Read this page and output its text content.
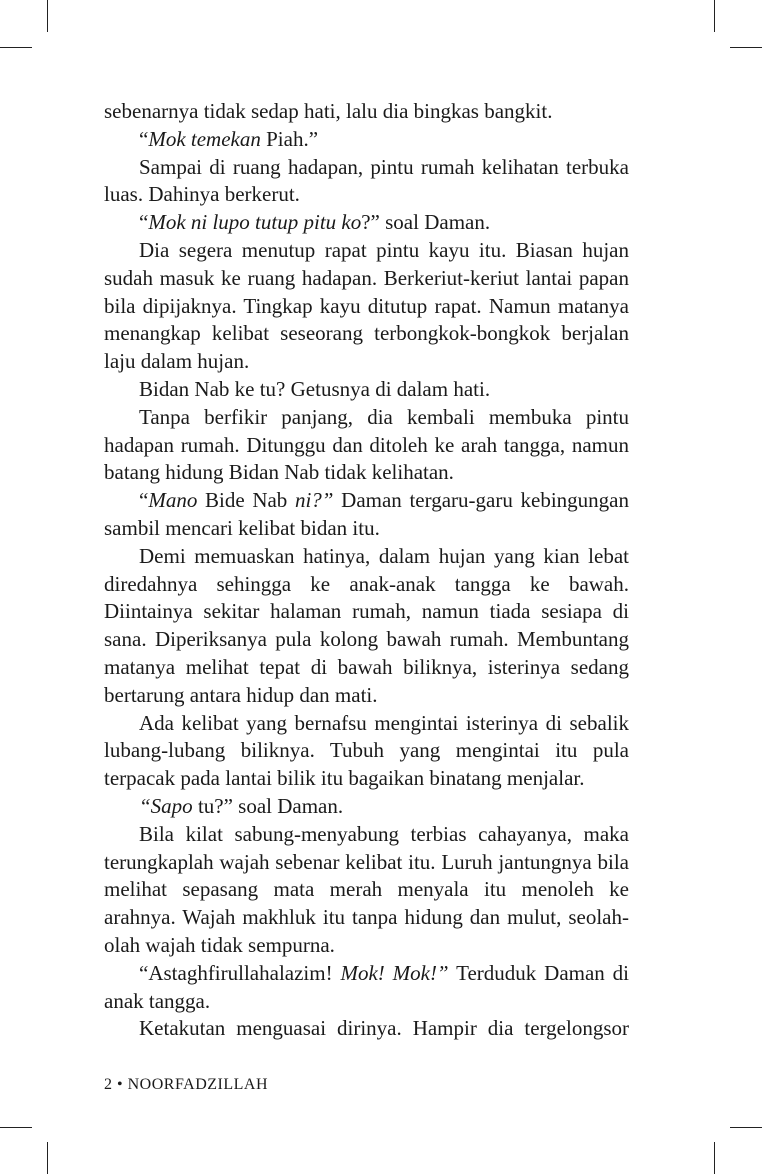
sebenarnya tidak sedap hati, lalu dia bingkas bangkit.

“Mok temekan Piah.”

Sampai di ruang hadapan, pintu rumah kelihatan terbuka luas. Dahinya berkerut.

“Mok ni lupo tutup pitu ko?” soal Daman.

Dia segera menutup rapat pintu kayu itu. Biasan hujan sudah masuk ke ruang hadapan. Berkeriut-keriut lantai papan bila dipijaknya. Tingkap kayu ditutup rapat. Namun matanya menangkap kelibat seseorang terbongkok-bongkok berjalan laju dalam hujan.

Bidan Nab ke tu? Getusnya di dalam hati.

Tanpa berfikir panjang, dia kembali membuka pintu hadapan rumah. Ditunggu dan ditoleh ke arah tangga, namun batang hidung Bidan Nab tidak kelihatan.

“Mano Bide Nab ni?” Daman tergaru-garu kebingungan sambil mencari kelibat bidan itu.

Demi memuaskan hatinya, dalam hujan yang kian lebat diredahnya sehingga ke anak-anak tangga ke bawah. Diintainya sekitar halaman rumah, namun tiada sesiapa di sana. Diperiksanya pula kolong bawah rumah. Membuntang matanya melihat tepat di bawah biliknya, isterinya sedang bertarung antara hidup dan mati.

Ada kelibat yang bernafsu mengintai isterinya di sebalik lubang-lubang biliknya. Tubuh yang mengintai itu pula terpacak pada lantai bilik itu bagaikan binatang menjalar.

“Sapo tu?” soal Daman.

Bila kilat sabung-menyabung terbias cahayanya, maka terungkaplah wajah sebenar kelibat itu. Luruh jantungnya bila melihat sepasang mata merah menyala itu menoleh ke arahnya. Wajah makhluk itu tanpa hidung dan mulut, seolah-olah wajah tidak sempurna.

“Astaghfirullahalazim! Mok! Mok!” Terduduk Daman di anak tangga.

Ketakutan menguasai dirinya. Hampir dia tergelongsor

2 • NOORFADZILLAH
